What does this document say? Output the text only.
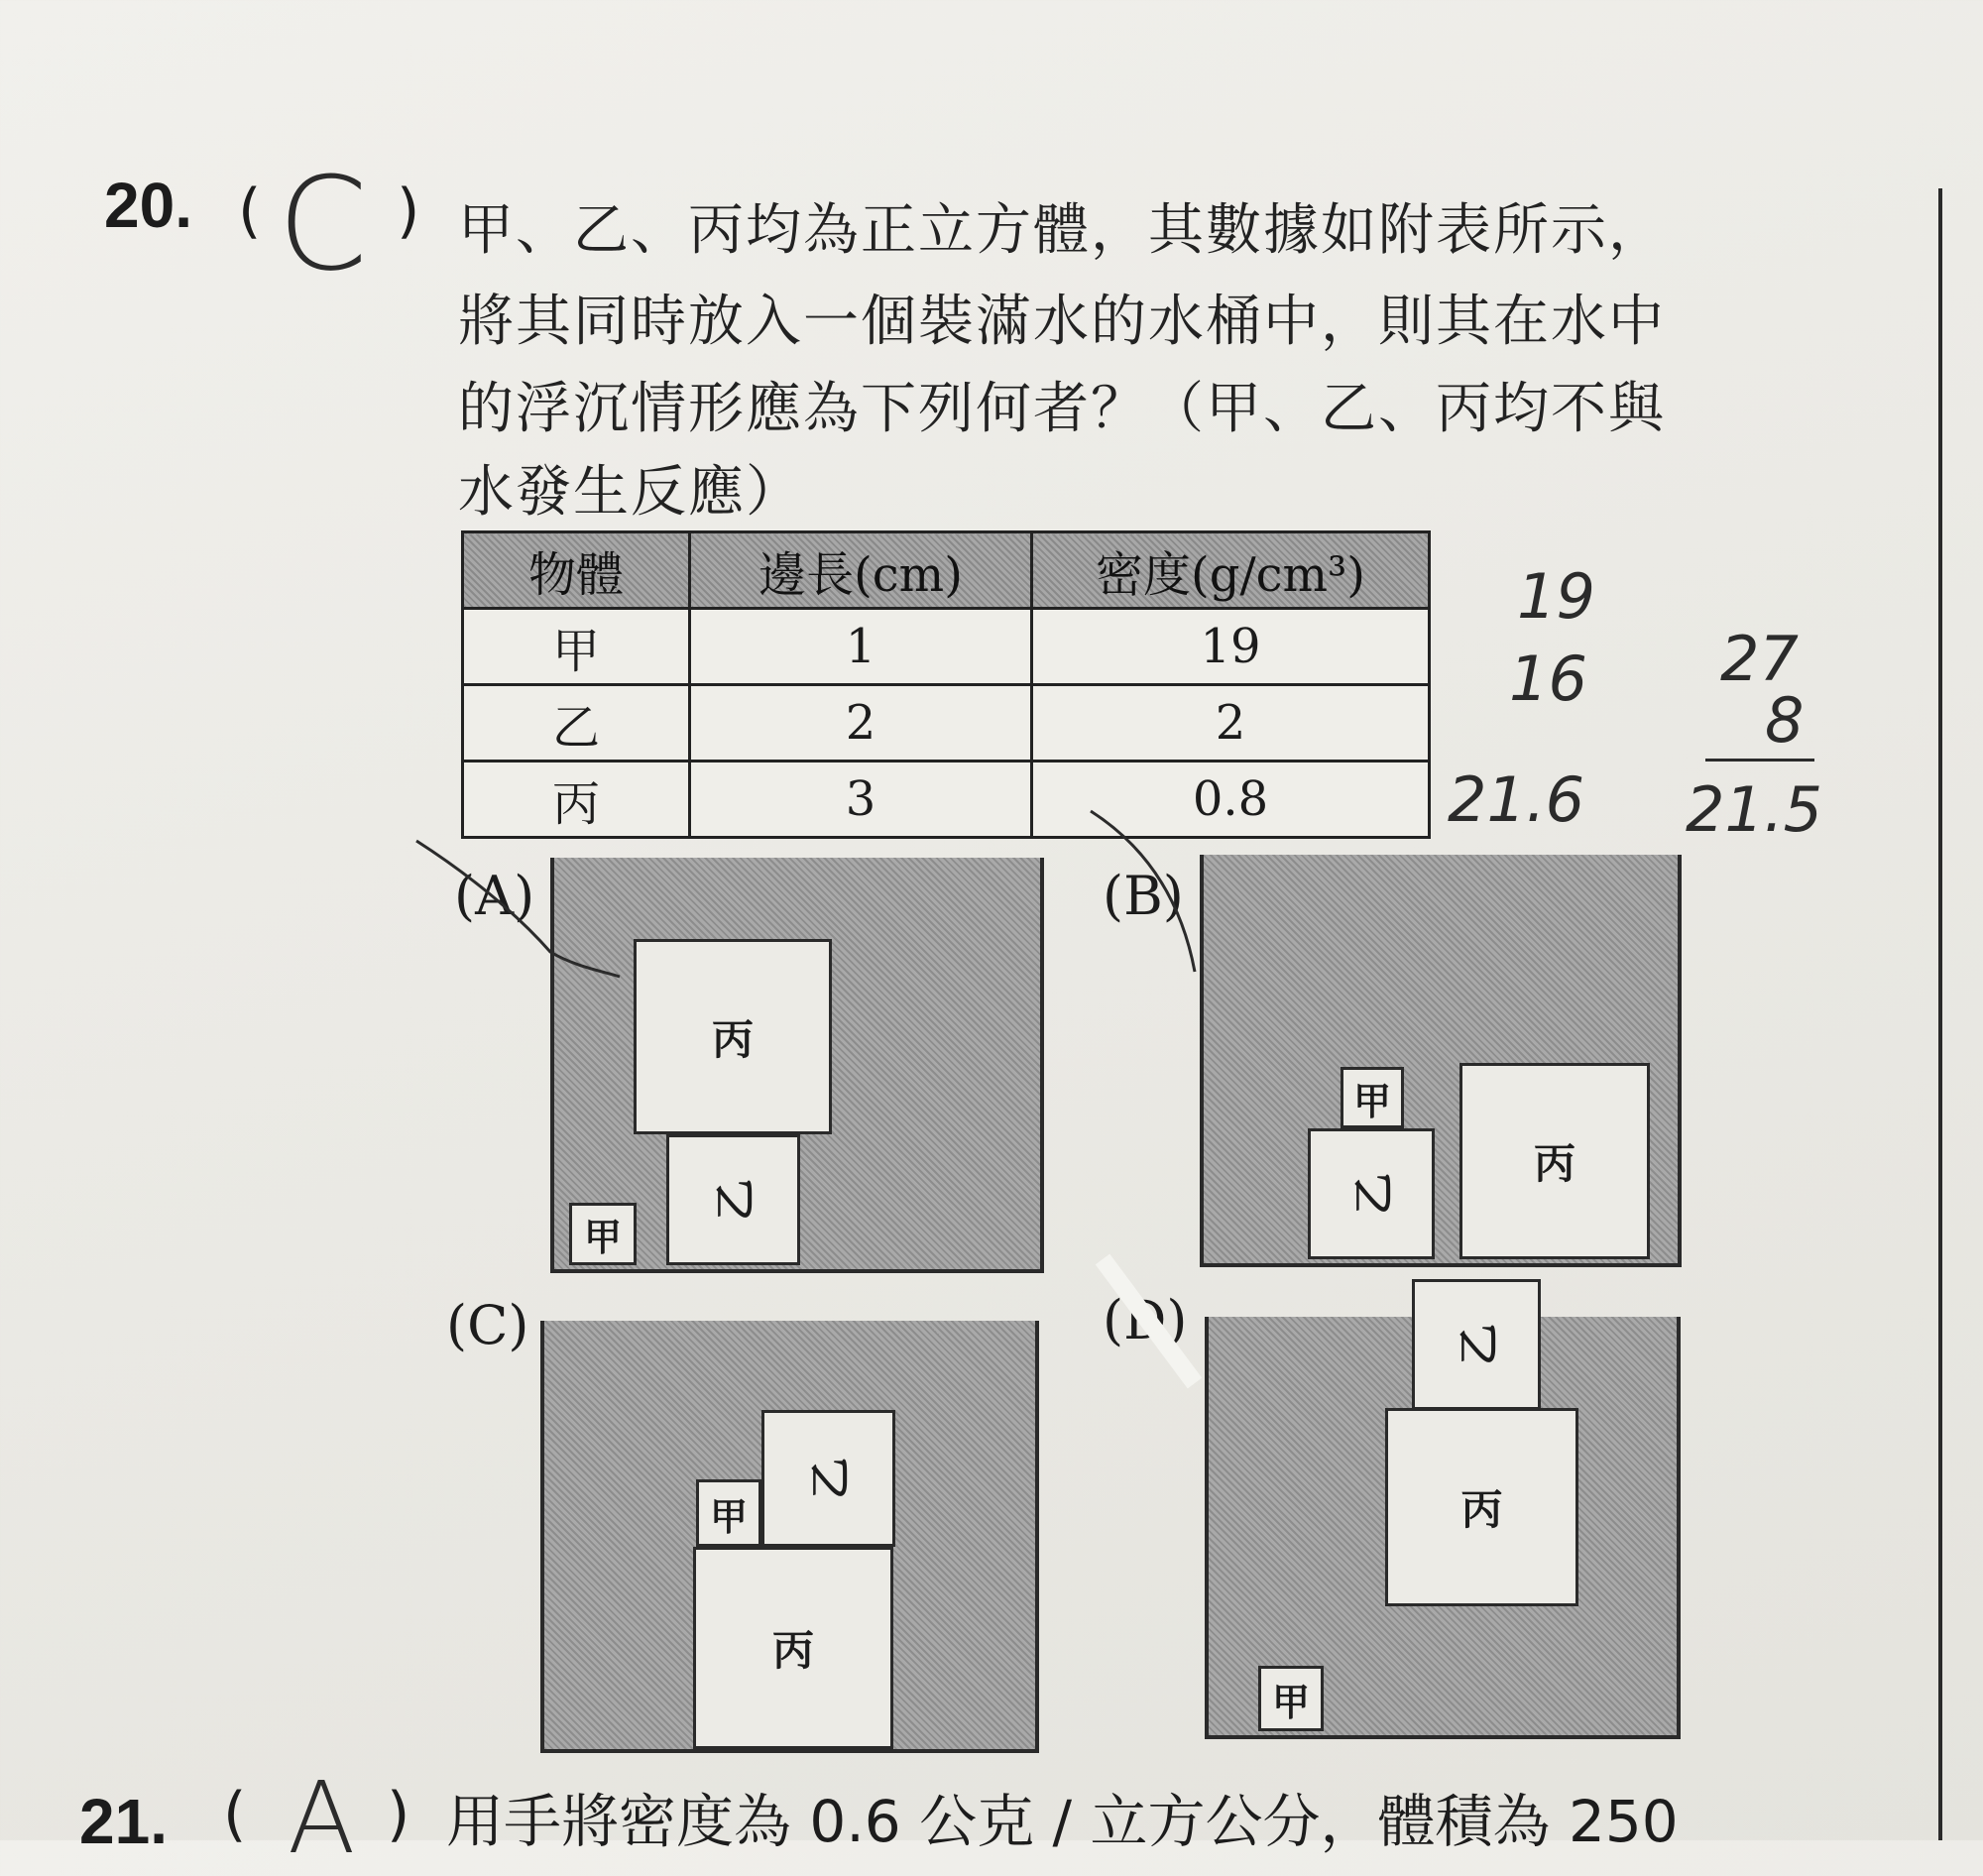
20. ( C ) 甲、乙、丙均為正立方體，其數據如附表所示，
將其同時放入一個裝滿水的水桶中，則其在水中
的浮沉情形應為下列何者？（甲、乙、丙均不與
水發生反應）
物體	邊長(cm)	密度(g/cm³)
甲	1	19
乙	2	2
丙	3	0.8
19
16 27
8
21.6 21.5
(A)
丙
乙
甲
(B)
甲
乙
丙
(C)
乙
甲
丙
(D)
丙
甲
乙
21. ( A ) 用手將密度為 0.6 公克 / 立方公分，體積為 250
